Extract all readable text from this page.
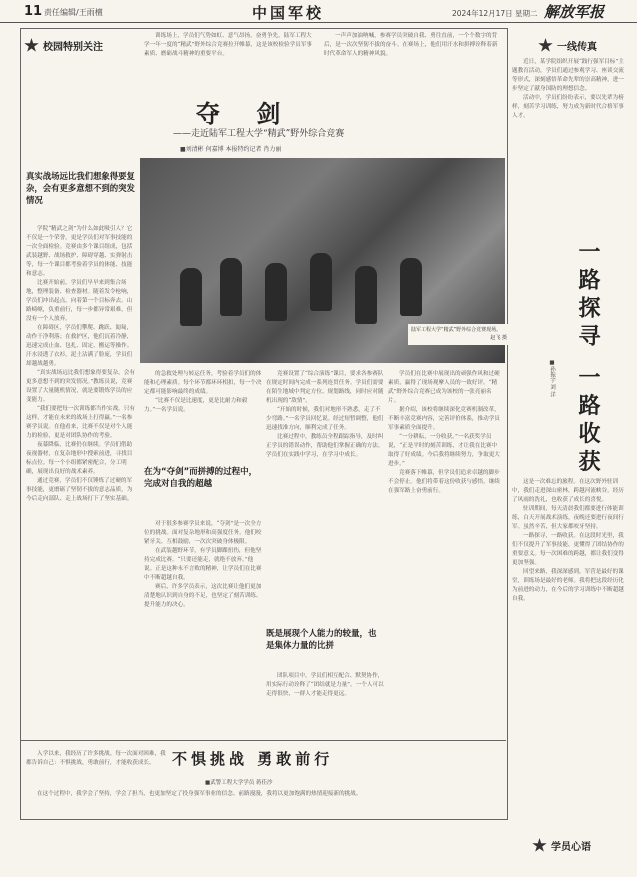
11 责任编辑/王雨檀	中国军校	2024年12月17日 星期二 解放军报
校园特别关注

训练场上，学员们气势如虹、意气昂扬，奋勇争先，陆军工程大学一年一度的“精武”野外综合竞赛拉开帷幕，这是该校检验学员军事素质、磨砺战斗精神的重要平台。

一声声加油呐喊，参赛学员突破自我、勇往直前，一个个数字的背后，是一次次坚韧不拔的奋斗。在赛场上，他们用汗水和拼搏诠释着新时代革命军人的精神风貌。

夺 剑
——走近陆军工程大学“精武”野外综合竞赛
■刘清彬 何嘉博 本报特约记者 肖力丽
真实战场远比我们想象得要复杂，会有更多意想不到的突发情况

学院“精武之剑”为什么如此吸引人？它不仅是一个荣誉，更是学员们对军事技能的一次全面检验。竞赛由多个课目组成，包括武装越野、战场救护、障碍穿越、实弹射击等，每一个课目都考验着学员的体能、技能和意志。

比赛开始前，学员们早早来到集合场地，整理装备、检查器材。随着发令枪响，学员们冲出起点，向着第一个目标奔去。山路崎岖，负重前行，每一步都异常艰难，但没有一个人放弃。

在障碍区，学员们攀爬、跳跃、匍匐，动作干净利落；在救护区，他们沉着冷静，迅速完成止血、包扎、固定、搬运等操作。汗水浸透了衣衫，泥土沾满了脸庞，学员们却越战越勇。

“真实战场远比我们想象得要复杂，会有更多意想不到的突发情况。”教练员说，竞赛设置了大量随机情况，就是要锻炼学员的应变能力。

“我们要把每一次训练都当作实战，只有这样，才能在未来的战场上打得赢。”一名参赛学员说。在他看来，比赛不仅是对个人能力的检验，更是对团队协作的考验。

夜幕降临，比赛仍在继续。学员们借助夜视器材，在复杂地形中搜索前进，寻找目标点位。每一个小组都紧密配合，分工明确，展现出良好的战术素养。

通过竞赛，学员们不仅锤炼了过硬的军事技能，更磨砺了坚韧不拔的意志品质，为今后走向部队、走上战场打下了坚实基础。

陆军工程大学“精武”野外综合竞赛现场。
赵飞 摄

的急救处理与转运任务，考验着学员们的体能和心理素质。每个环节都环环相扣，每一个决定都可能影响最终的成绩。

“比赛不仅是比速度，更是比耐力和毅力。”一名学员说。

在为“夺剑”而拼搏的过程中，完成对自我的超越

对于很多参赛学员来说，“夺剑”是一次全方位的挑战。面对复杂地形和高强度任务，他们咬紧牙关、互相鼓励，一次次突破身体极限。

在武装越野环节，有学员脚踝扭伤，但他坚持完成比赛。“只要还能走，就绝不放弃。”他说。正是这种永不言败的精神，让学员们在比赛中不断超越自我。

赛后，许多学员表示，这次比赛让他们更加清楚地认识到自身的不足，也坚定了刻苦训练、提升能力的决心。

竞赛设置了“综合演练”课目，要求各参赛队在规定时间内完成一系列连贯任务。学员们需要在陌生地域中判定方位、规划路线，同时应对随机出现的“敌情”。

“开始的时候，我们对地形不熟悉，走了不少弯路。”一名学员回忆说。经过短暂调整，他们迅速找准方向，顺利完成了任务。

比赛过程中，教练员全程跟踪指导，及时纠正学员的错误动作，帮助他们掌握正确的方法。学员们在实践中学习，在学习中成长。

既是展现个人能力的较量，也是集体力量的比拼

团队项目中，学员们相互配合、默契协作，用实际行动诠释了“团结就是力量”。一个人可以走得很快，一群人才能走得更远。

学员们在比赛中展现出的顽强作风和过硬素质，赢得了现场观摩人员的一致好评。“精武”野外综合竞赛已成为该校的一张亮丽名片。

据介绍，该校将继续深化竞赛机制改革，不断丰富竞赛内容，完善评价体系，推动学员军事素质全面提升。

“一分耕耘，一分收获。”一名获奖学员说，“正是平时的刻苦训练，才让我在比赛中取得了好成绩。今后我将继续努力，争取更大进步。”

竞赛落下帷幕，但学员们追求卓越的脚步不会停止。他们将带着这份收获与感悟，继续在强军路上奋勇前行。

不惧挑战 勇敢前行
■武警工程大学学员 蒋佳沙

入学以来，我经历了许多挑战。每一次面对困难，我都告诉自己：不惧挑战，勇敢前行，才能收获成长。

在这个过程中，我学会了坚持，学会了担当，也更加坚定了投身强军事业的信念。前路漫漫，我将以更加饱满的热情迎接新的挑战。

一线传真

近日，某学院组织开展“践行强军目标”主题教育活动，学员们通过参观学习、座谈交流等形式，深刻感悟革命先辈的崇高精神，进一步坚定了献身国防的理想信念。

活动中，学员们纷纷表示，要以先辈为榜样，刻苦学习训练，努力成为新时代合格军事人才。

一路探寻 一路收获
■孙振宇 刘 洋

这是一次难忘的旅程。在这次野外驻训中，我们走进深山密林，跨越河流峡谷，经历了风雨的洗礼，也收获了成长的喜悦。

驻训期间，每天清晨我们都要进行体能训练，白天开展战术演练，夜晚还要进行夜间行军。虽然辛苦，但大家都咬牙坚持。

一路探寻，一路收获。在这段时光里，我们不仅提升了军事技能，更懂得了团结协作的重要意义。每一次困难的跨越，都让我们变得更加坚强。

回望来路，我深深感到，军营是最好的课堂，训练场是最好的老师。我将把这段经历化为前进的动力，在今后的学习训练中不断超越自我。

学员心语
